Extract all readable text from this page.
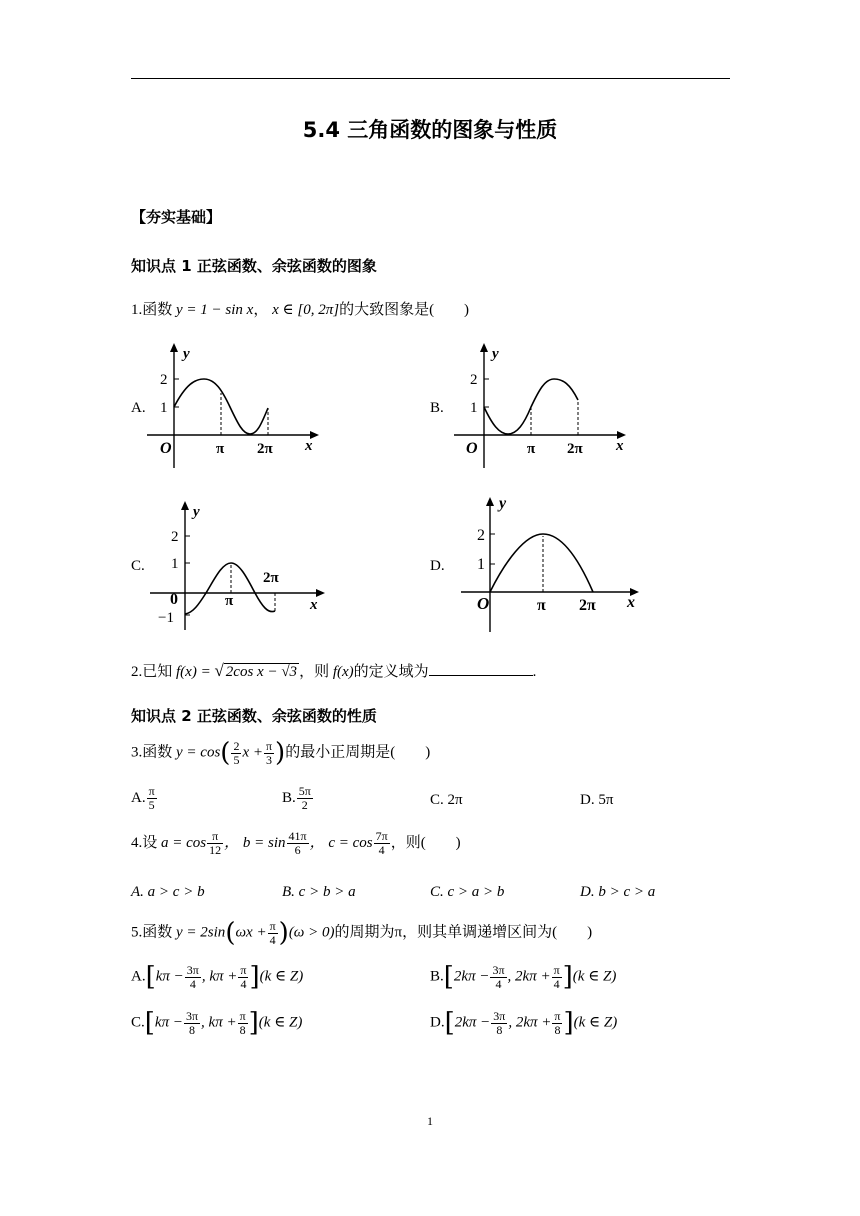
5.4 三角函数的图象与性质
【夯实基础】
知识点 1 正弦函数、余弦函数的图象
1.函数 y = 1 − sin x， x ∈ [0, 2π]的大致图象是(　　)
A.
2
1
O	π 2π x
y
B.
2
1
O	π 2π x
y
C.
2
1
0
−1
π
2π
x
y
D.
2
1
O	π 2π x
y
2.已知 f(x) = √ 2cos x − √3 ，则 f(x)的定义域为	.
知识点 2 正弦函数、余弦函数的性质
3.函数 $y = \cos( \frac{2}{5}$ $x + \frac{\pi}{3}$ )的最小正周期是(　　)
A. $\frac{\pi}{5}$	B. $\frac{5\pi}{2}$	C. 2π	D. 5π
4.设 $a = \cos \frac{\pi}{12}$ ， $b = \sin \frac{41\pi}{6}$ ， $c = \cos \frac{7\pi}{4}$ ，则(　　)
A. a > c > b	B. c > b > a	C. c > a > b	D. b > c > a
5.函数 $y = 2\sin(\omega x + \frac{\pi}{4} )(\omega > 0)$的周期为π，则其单调递增区间为(　　)
$A.[k\pi - \frac{3\pi}{4}$ , $k\pi + \frac{\pi}{4} ](k$ ∈ Z)	$B.[2k\pi - \frac{3\pi}{4}$ , $2k\pi + \frac{\pi}{4} ](k$ ∈ Z)
$C.[k\pi - \frac{3\pi}{8}$ , $k\pi + \frac{\pi}{8} ](k$ ∈ Z)	$D.[2k\pi - \frac{3\pi}{8}$ , $2k\pi + \frac{\pi}{8} ](k$ ∈ Z)
1
